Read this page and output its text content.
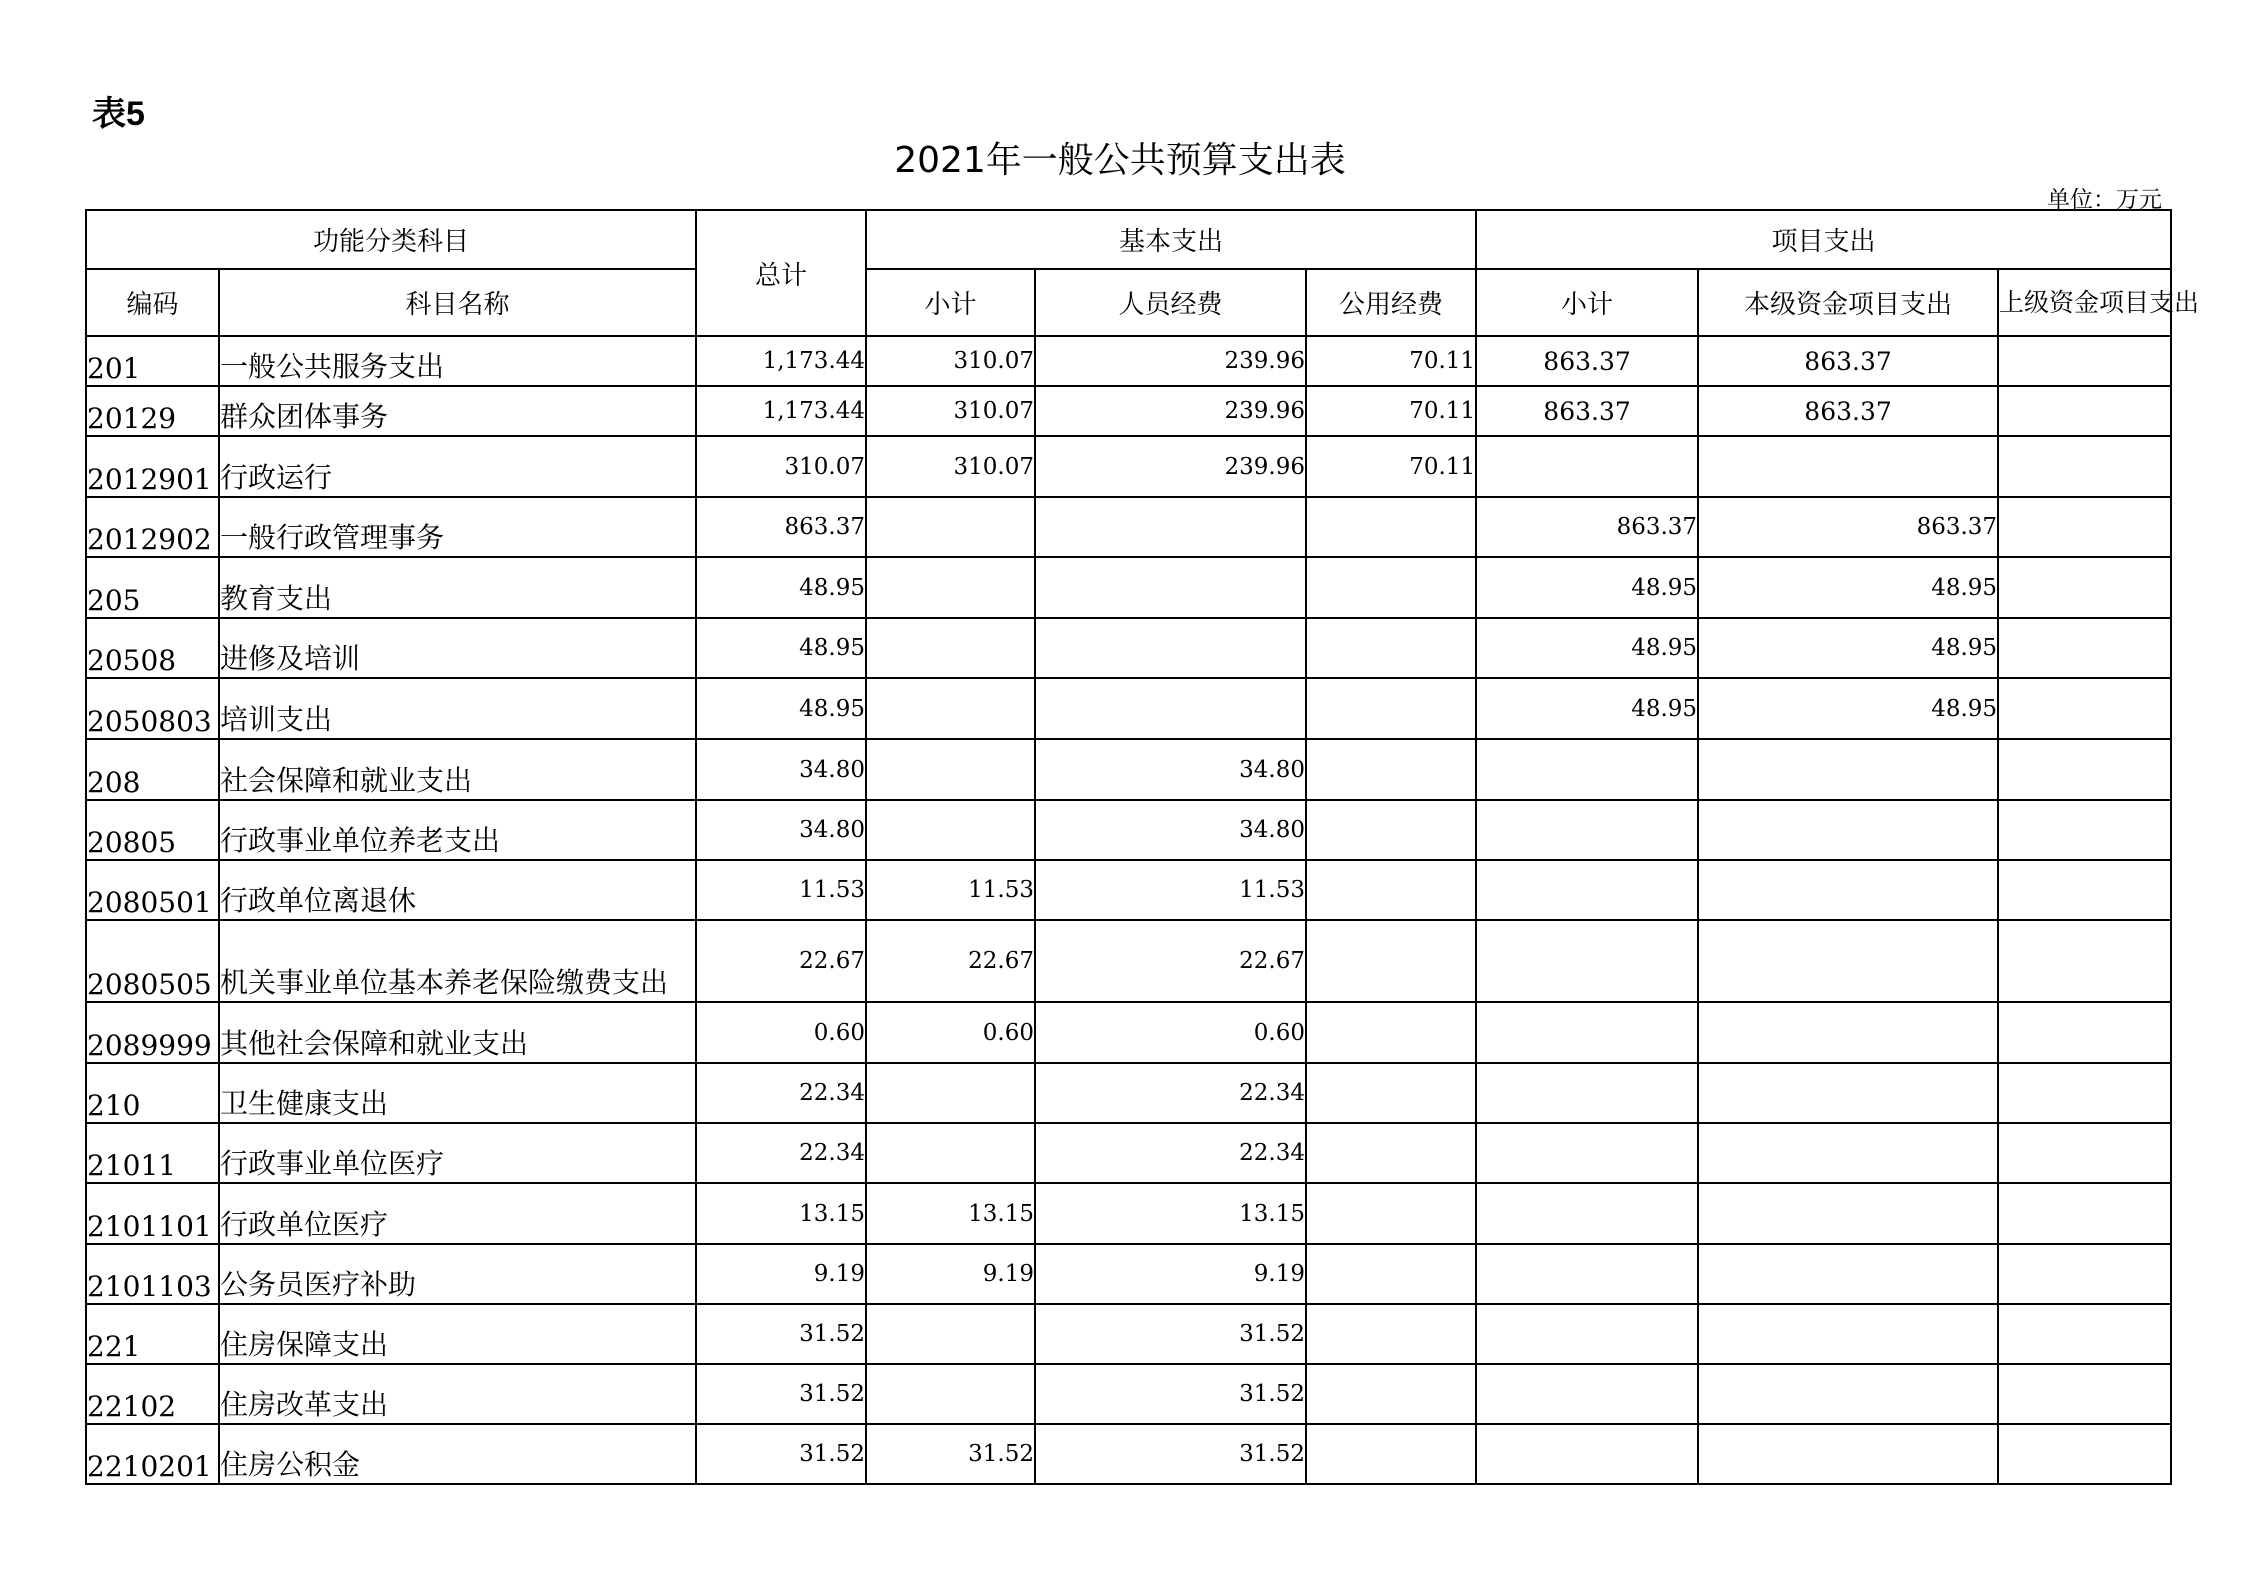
表5
2021年一般公共预算支出表
单位：万元
功能分类科目		总计	基本支出			项目支出		
编码	科目名称		小计	人员经费	公用经费	小计	本级资金项目支出	上级资金项目支出
201	一般公共服务支出	1,173.44	310.07	239.96	70.11	863.37	863.37	
20129	群众团体事务	1,173.44	310.07	239.96	70.11	863.37	863.37	
2012901	行政运行	310.07	310.07	239.96	70.11			
2012902	一般行政管理事务	863.37				863.37	863.37	
205	教育支出	48.95				48.95	48.95	
20508	进修及培训	48.95				48.95	48.95	
2050803	培训支出	48.95				48.95	48.95	
208	社会保障和就业支出	34.80		34.80				
20805	行政事业单位养老支出	34.80		34.80				
2080501	行政单位离退休	11.53	11.53	11.53				
2080505	机关事业单位基本养老保险缴费支出	22.67	22.67	22.67				
2089999	其他社会保障和就业支出	0.60	0.60	0.60				
210	卫生健康支出	22.34		22.34				
21011	行政事业单位医疗	22.34		22.34				
2101101	行政单位医疗	13.15	13.15	13.15				
2101103	公务员医疗补助	9.19	9.19	9.19				
221	住房保障支出	31.52		31.52				
22102	住房改革支出	31.52		31.52				
2210201	住房公积金	31.52	31.52	31.52				
